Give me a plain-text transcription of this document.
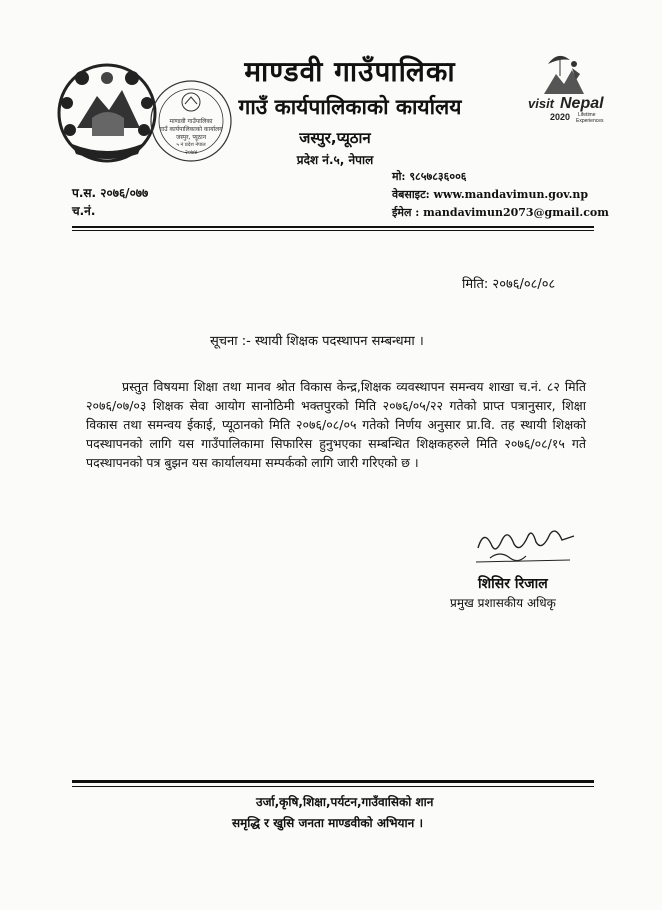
माण्डवी गाउँपालिका
गाउँ कार्यपालिकाको कार्यालय
जस्पुर, प्यूठान
५ नं प्रदेश नेपाल
२०७४
visit Nepal
2020 Lifetime
Experiences
माण्डवी गाउँपालिका
गाउँ कार्यपालिकाको कार्यालय
जस्पुर,प्यूठान
प्रदेश नं.५, नेपाल
मो: ९८५७८३६००६
वेबसाइट: www.mandavimun.gov.np
ईमेल : mandavimun2073@gmail.com
प.स. २०७६/०७७
च.नं.
मिति: २०७६/०८/०८
सूचना :- स्थायी शिक्षक पदस्थापन सम्बन्धमा ।
प्रस्तुत विषयमा शिक्षा तथा मानव श्रोत विकास केन्द्र,शिक्षक व्यवस्थापन समन्वय शाखा च.नं. ८२ मिति २०७६/०७/०३ शिक्षक सेवा आयोग सानोठिमी भक्तपुरको मिति २०७६/०५/२२ गतेको प्राप्त पत्रानुसार, शिक्षा विकास तथा समन्वय ईकाई, प्यूठानको मिति २०७६/०८/०५ गतेको निर्णय अनुसार प्रा.वि. तह स्थायी शिक्षको पदस्थापनको लागि यस गाउँपालिकामा सिफारिस हुनुभएका सम्बन्धित शिक्षकहरुले मिति २०७६/०८/१५ गते पदस्थापनको पत्र बुझन यस कार्यालयमा सम्पर्कको लागि जारी गरिएको छ ।
शिसिर रिजाल
प्रमुख प्रशासकीय अधिकृ
उर्जा,कृषि,शिक्षा,पर्यटन,गाउँवासिको शान
समृद्धि र खुसि जनता माण्डवीको अभियान ।
